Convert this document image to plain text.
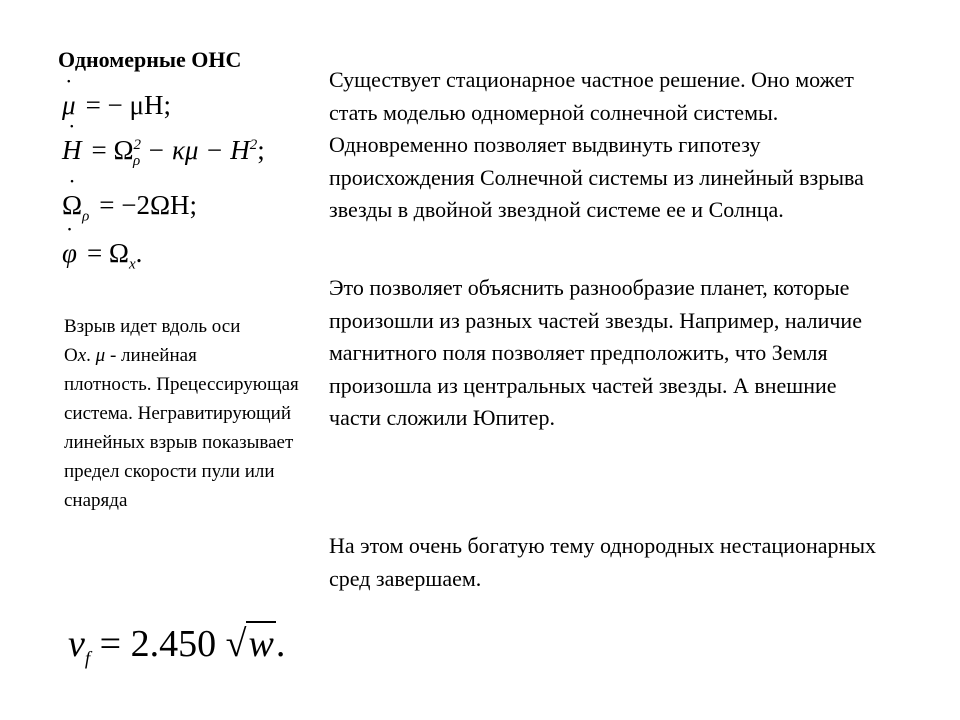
Одномерные ОНС
μ ˙ = − μH;
H ˙ = $\Omega^2_\rho - \kappa\mu - H^2$;
Ω $˙_\rho = -2\Omega H$;
φ ˙ = $\Omega_x$.

Взрыв идет вдоль оси

Ox. μ - линейная

плотность. Прецессирующая система. Негравитирующий линейных взрыв показывает предел скорости пули или снаряда

$v_f = 2.450$ √w.

Существует стационарное частное решение. Оно может стать моделью одномерной солнечной системы. Одновременно позволяет выдвинуть гипотезу происхождения Солнечной системы из линейный взрыва звезды в двойной звездной системе ее и Солнца.

Это позволяет объяснить разнообразие планет, которые произошли из разных частей звезды. Например, наличие магнитного поля позволяет предположить, что Земля произошла из центральных частей звезды. А внешние части сложили Юпитер.

На этом очень богатую тему однородных нестационарных сред завершаем.
